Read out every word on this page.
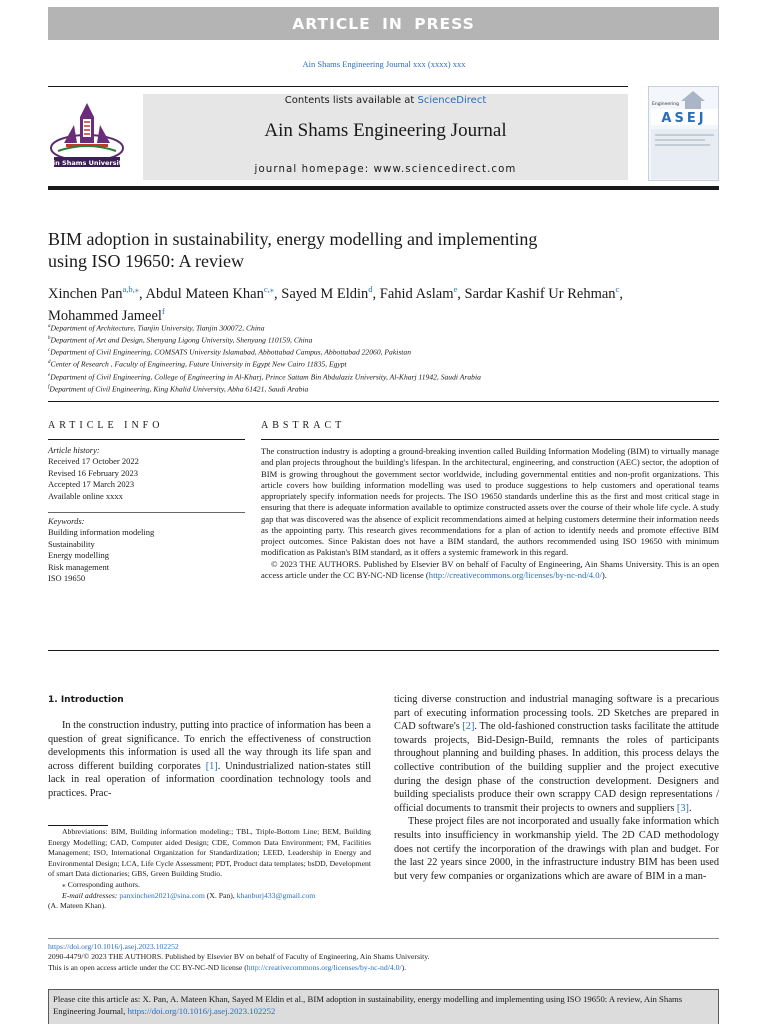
ARTICLE IN PRESS
Ain Shams Engineering Journal xxx (xxxx) xxx
Ain Shams University
Contents lists available at ScienceDirect
Ain Shams Engineering Journal
journal homepage: www.sciencedirect.com
Engineering
ASEJ
BIM adoption in sustainability, energy modelling and implementing
using ISO 19650: A review
Xinchen Pan$^{a,b,⁎}$, Abdul Mateen Khan$^{c,⁎}$, Sayed M Eldin$^d$, Fahid Aslam$^e$, Sardar Kashif Ur Rehman$^c$,
Mohammed Jameel$^f$
$^a$Department of Architecture, Tianjin University, Tianjin 300072, China
$^b$Department of Art and Design, Shenyang Ligong University, Shenyang 110159, China
$^c$Department of Civil Engineering, COMSATS University Islamabad, Abbottabad Campus, Abbottabad 22060, Pakistan
$^d$Center of Research , Faculty of Engineering, Future University in Egypt New Cairo 11835, Egypt
$^e$Department of Civil Engineering, College of Engineering in Al-Kharj, Prince Sattam Bin Abdulaziz University, Al-Kharj 11942, Saudi Arabia
$^f$Department of Civil Engineering, King Khalid University, Abha 61421, Saudi Arabia
ARTICLE INFO	ABSTRACT
Article history:
Received 17 October 2022
Revised 16 February 2023
Accepted 17 March 2023
Available online xxxx
Keywords:
Building information modeling
Sustainability
Energy modelling
Risk management
ISO 19650

The construction industry is adopting a ground-breaking invention called Building Information Modeling (BIM) to virtually manage and plan projects throughout the building's lifespan. In the architectural, engineering, and construction (AEC) sector, the adoption of BIM is growing throughout the government sector worldwide, including governmental entities and non-profit organizations. This article covers how building information modelling was used to produce suggestions to help customers and operational teams appropriately specify information needs for projects. The ISO 19650 standards underline this as the first and most critical stage in ensuring that there is adequate information available to optimize constructed assets over the course of their whole life cycle. A study gap that was discovered was the absence of explicit recommendations aimed at helping customers determine their information needs as the appointing party. This research gives recommendations for a plan of action to identify needs and promote effective BIM project outcomes. Since Pakistan does not have a BIM standard, the authors recommended using ISO 19650 with minimum modification as Pakistan's BIM standard, as it offers a systemic framework in this regard.

© 2023 THE AUTHORS. Published by Elsevier BV on behalf of Faculty of Engineering, Ain Shams University. This is an open access article under the CC BY-NC-ND license (http://creativecommons.org/licenses/by-nc-nd/4.0/).

1. Introduction
In the construction industry, putting into practice of information has been a question of great significance. To enrich the effectiveness of construction developments this information is used all the way through its life span and across different building corporates [1]. Unindustrialized nation-states still lack in real operation of information coordination technology tools and practices. Prac-

ticing diverse construction and industrial managing software is a precarious part of executing information processing tools. 2D Sketches are prepared in CAD software's [2]. The old-fashioned construction tasks facilitate the attitude towards projects, Bid-Design-Build, remnants the roles of participants throughout planning and building phases. In addition, this process delays the collective contribution of the building supplier and the project executive during the design phase of the construction development. Designers and building specialists produce their own scrappy CAD design representations / official documents to transmit their projects to owners and suppliers [3].

These project files are not incorporated and usually fake information which results into insufficiency in workmanship yield. The 2D CAD methodology does not certify the incorporation of the drawings with plan and budget. For the last 22 years since 2000, in the infrastructure industry BIM has been used but very few companies or organizations which are aware of BIM in a man-

Abbreviations: BIM, Building information modeling:; TBL, Triple-Bottom Line; BEM, Building Energy Modelling; CAD, Computer aided Design; CDE, Common Data Environment; FM, Facilities Management; ISO, International Organization for Standardization; LEED, Leadership in Energy and Environmental Design; LCA, Life Cycle Assessment; PDT, Product data templates; bsDD, Development of smart Data dictionaries; GBS, Green Building Studio.
⁎ Corresponding authors.
E-mail addresses: panxinchen2021@sina.com (X. Pan), khanburj433@gmail.com
(A. Mateen Khan).
https://doi.org/10.1016/j.asej.2023.102252
2090-4479/© 2023 THE AUTHORS. Published by Elsevier BV on behalf of Faculty of Engineering, Ain Shams University.
This is an open access article under the CC BY-NC-ND license (http://creativecommons.org/licenses/by-nc-nd/4.0/).
Please cite this article as: X. Pan, A. Mateen Khan, Sayed M Eldin et al., BIM adoption in sustainability, energy modelling and implementing using ISO 19650: A review, Ain Shams Engineering Journal, https://doi.org/10.1016/j.asej.2023.102252
